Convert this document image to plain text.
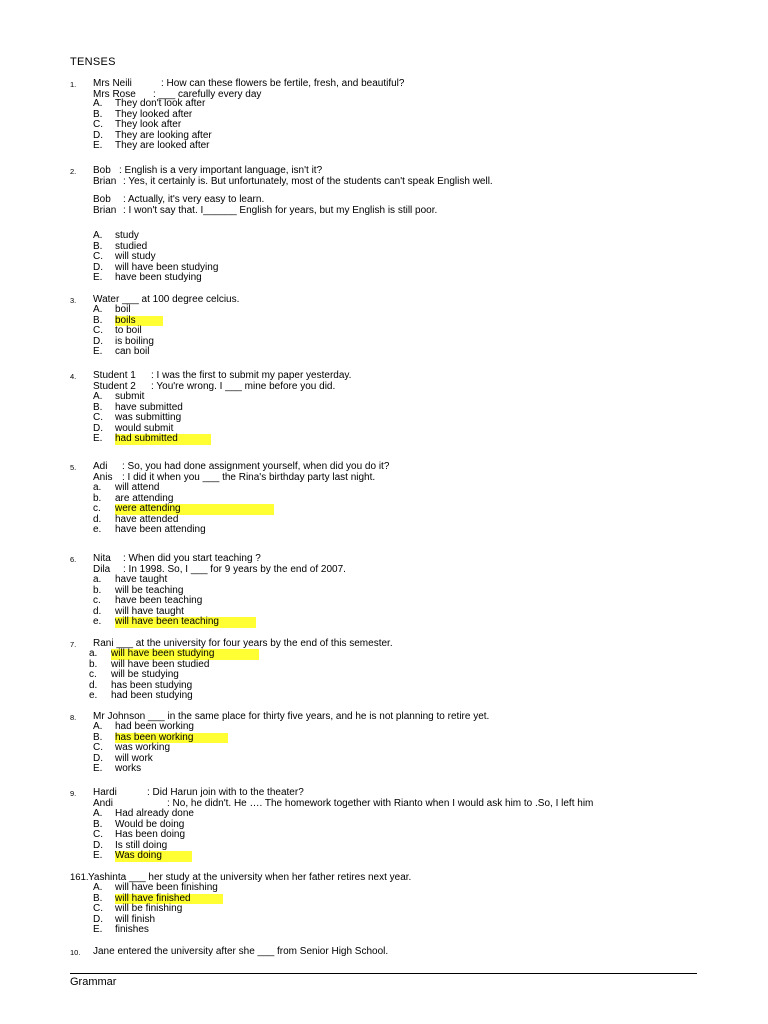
TENSES
1. Mrs Neili	: How can these flowers be fertile, fresh, and beautiful?
Mrs Rose : ___ carefully every day
A. They don't look after
B. They looked after
C. They look after
D. They are looking after
E. They are looked after
2. Bob : English is a very important language, isn't it?
Brian : Yes, it certainly is. But unfortunately, most of the students can't speak English well.
Bob : Actually, it's very easy to learn.
Brian : I won't say that. I______ English for years, but my English is still poor.
A. study
B. studied
C. will study
D. will have been studying
E. have been studying
3. Water ___ at 100 degree celcius.
A. boil
B. boils
C. to boil
D. is boiling
E. can boil
4. Student 1 : I was the first to submit my paper yesterday.
Student 2 : You're wrong. I ___ mine before you did.
A. submit
B. have submitted
C. was submitting
D. would submit
E. had submitted
5. Adi : So, you had done assignment yourself, when did you do it?
Anis : I did it when you ___ the Rina's birthday party last night.
a. will attend
b. are attending
c. were attending
d. have attended
e. have been attending
6. Nita : When did you start teaching ?
Dila : In 1998. So, I ___ for 9 years by the end of 2007.
a. have taught
b. will be teaching
c. have been teaching
d. will have taught
e. will have been teaching
7. Rani ___ at the university for four years by the end of this semester.
a. will have been studying
b. will have been studied
c. will be studying
d. has been studying
e. had been studying
8. Mr Johnson ___ in the same place for thirty five years, and he is not planning to retire yet.
A. had been working
B. has been working
C. was working
D. will work
E. works
9. Hardi	: Did Harun join with to the theater?
Andi	: No, he didn't. He …. The homework together with Rianto when I would ask him to .So, I left him
A. Had already done
B. Would be doing
C. Has been doing
D. Is still doing
E. Was doing
161. Yashinta ___ her study at the university when her father retires next year.
A. will have been finishing
B. will have finished
C. will be finishing
D. will finish
E. finishes
10. Jane entered the university after she ___ from Senior High School.
Grammar
